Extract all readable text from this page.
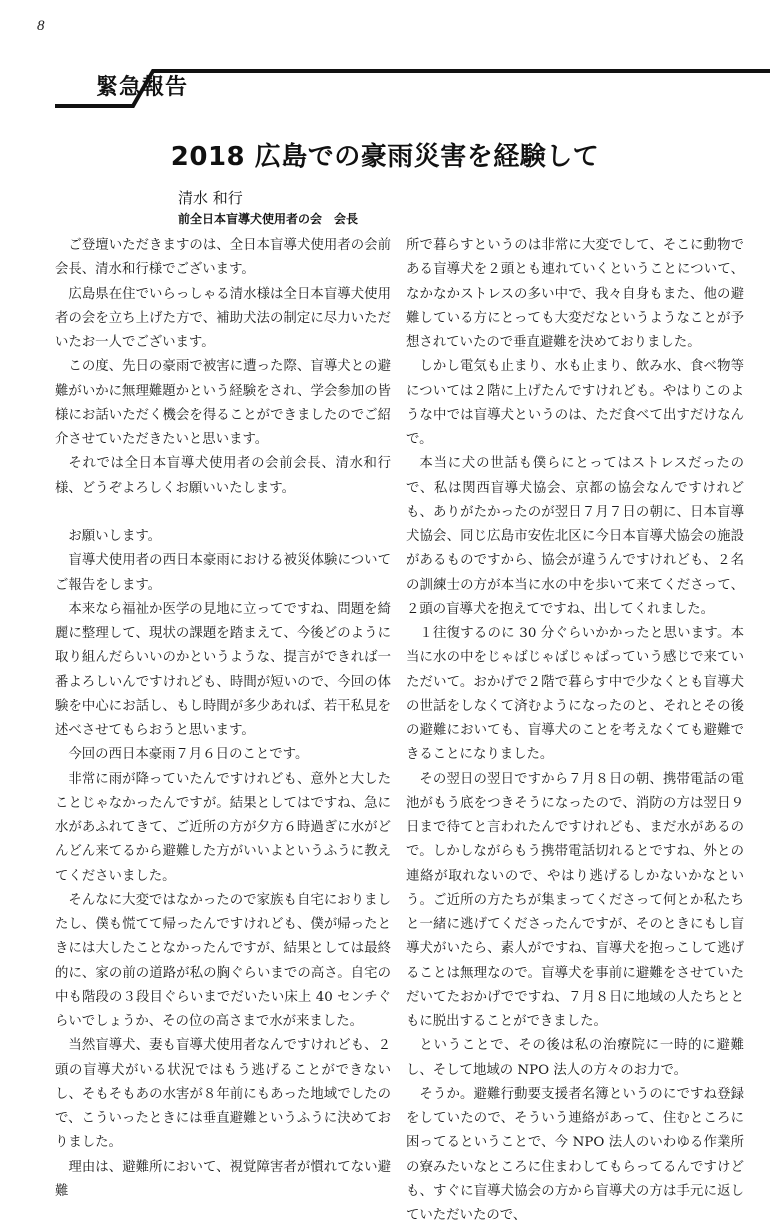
8
緊急報告
2018 広島での豪雨災害を経験して
清水 和行
前全日本盲導犬使用者の会　会長

ご登壇いただきますのは、全日本盲導犬使用者の会前会長、清水和行様でございます。

広島県在住でいらっしゃる清水様は全日本盲導犬使用者の会を立ち上げた方で、補助犬法の制定に尽力いただいたお一人でございます。

この度、先日の豪雨で被害に遭った際、盲導犬との避難がいかに無理難題かという経験をされ、学会参加の皆様にお話いただく機会を得ることができましたのでご紹介させていただきたいと思います。

それでは全日本盲導犬使用者の会前会長、清水和行様、どうぞよろしくお願いいたします。

お願いします。

盲導犬使用者の西日本豪雨における被災体験についてご報告をします。

本来なら福祉か医学の見地に立ってですね、問題を綺麗に整理して、現状の課題を踏まえて、今後どのように取り組んだらいいのかというような、提言ができれば一番よろしいんですけれども、時間が短いので、今回の体験を中心にお話し、もし時間が多少あれば、若干私見を述べさせてもらおうと思います。

今回の西日本豪雨７月６日のことです。

非常に雨が降っていたんですけれども、意外と大したことじゃなかったんですが。結果としてはですね、急に水があふれてきて、ご近所の方が夕方６時過ぎに水がどんどん来てるから避難した方がいいよというふうに教えてくださいました。

そんなに大変ではなかったので家族も自宅におりましたし、僕も慌てて帰ったんですけれども、僕が帰ったときには大したことなかったんですが、結果としては最終的に、家の前の道路が私の胸ぐらいまでの高さ。自宅の中も階段の３段目ぐらいまでだいたい床上 40 センチぐらいでしょうか、その位の高さまで水が来ました。

当然盲導犬、妻も盲導犬使用者なんですけれども、２頭の盲導犬がいる状況ではもう逃げることができないし、そもそもあの水害が８年前にもあった地域でしたので、こういったときには垂直避難というふうに決めておりました。

理由は、避難所において、視覚障害者が慣れてない避難

所で暮らすというのは非常に大変でして、そこに動物である盲導犬を２頭とも連れていくということについて、なかなかストレスの多い中で、我々自身もまた、他の避難している方にとっても大変だなというようなことが予想されていたので垂直避難を決めておりました。

しかし電気も止まり、水も止まり、飲み水、食べ物等については２階に上げたんですけれども。やはりこのような中では盲導犬というのは、ただ食べて出すだけなんで。

本当に犬の世話も僕らにとってはストレスだったので、私は関西盲導犬協会、京都の協会なんですけれども、ありがたかったのが翌日７月７日の朝に、日本盲導犬協会、同じ広島市安佐北区に今日本盲導犬協会の施設があるものですから、協会が違うんですけれども、２名の訓練士の方が本当に水の中を歩いて来てくださって、２頭の盲導犬を抱えてですね、出してくれました。

１往復するのに 30 分ぐらいかかったと思います。本当に水の中をじゃばじゃばじゃばっていう感じで来ていただいて。おかげで２階で暮らす中で少なくとも盲導犬の世話をしなくて済むようになったのと、それとその後の避難においても、盲導犬のことを考えなくても避難できることになりました。

その翌日の翌日ですから７月８日の朝、携帯電話の電池がもう底をつきそうになったので、消防の方は翌日９日まで待てと言われたんですけれども、まだ水があるので。しかしながらもう携帯電話切れるとですね、外との連絡が取れないので、やはり逃げるしかないかなという。ご近所の方たちが集まってくださって何とか私たちと一緒に逃げてくださったんですが、そのときにもし盲導犬がいたら、素人がですね、盲導犬を抱っこして逃げることは無理なので。盲導犬を事前に避難をさせていただいてたおかげでですね、７月８日に地域の人たちとともに脱出することができました。

ということで、その後は私の治療院に一時的に避難し、そして地域の NPO 法人の方々のお力で。

そうか。避難行動要支援者名簿というのにですね登録をしていたので、そういう連絡があって、住むところに困ってるということで、今 NPO 法人のいわゆる作業所の寮みたいなところに住まわしてもらってるんですけども、すぐに盲導犬協会の方から盲導犬の方は手元に返していただいたので、
